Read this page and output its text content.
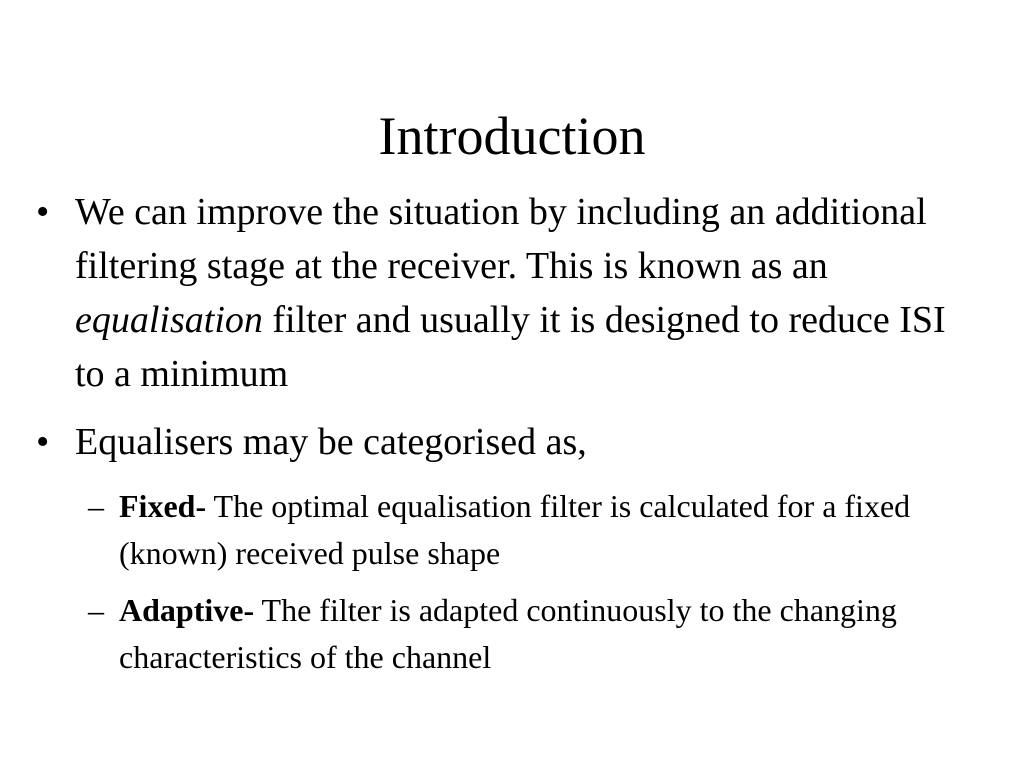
Introduction
• We can improve the situation by including an additional filtering stage at the receiver. This is known as an equalisation filter and usually it is designed to reduce ISI to a minimum
• Equalisers may be categorised as,
– Fixed- The optimal equalisation filter is calculated for a fixed (known) received pulse shape
– Adaptive- The filter is adapted continuously to the changing characteristics of the channel
